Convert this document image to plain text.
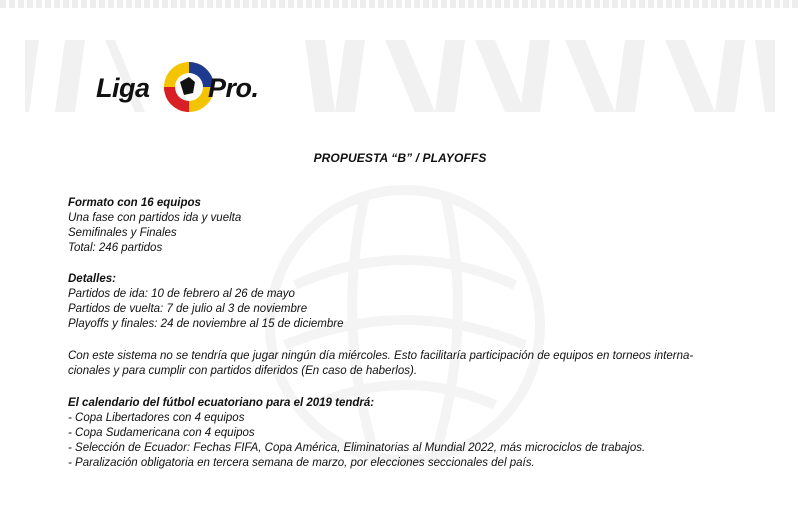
Liga Pro.
PROPUESTA “B” / PLAYOFFS

Formato con 16 equipos

Una fase con partidos ida y vuelta

Semifinales y Finales

Total: 246 partidos

Detalles:

Partidos de ida: 10 de febrero al 26 de mayo

Partidos de vuelta: 7 de julio al 3 de noviembre

Playoffs y finales: 24 de noviembre al 15 de diciembre

Con este sistema no se tendría que jugar ningún día miércoles. Esto facilitaría participación de equipos en torneos interna-

cionales y para cumplir con partidos diferidos (En caso de haberlos).

El calendario del fútbol ecuatoriano para el 2019 tendrá:

- Copa Libertadores con 4 equipos

- Copa Sudamericana con 4 equipos

- Selección de Ecuador: Fechas FIFA, Copa América, Eliminatorias al Mundial 2022, más microciclos de trabajos.

- Paralización obligatoria en tercera semana de marzo, por elecciones seccionales del país.
